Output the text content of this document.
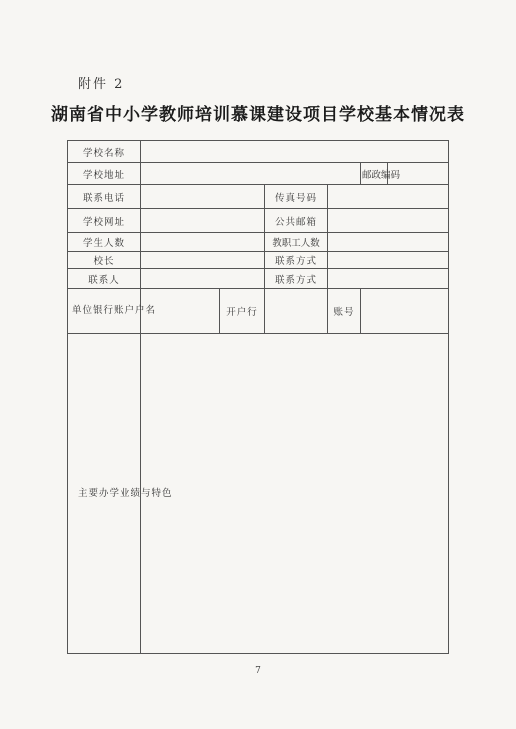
附件 2
湖南省中小学教师培训慕课建设项目学校基本情况表
学校名称						
学校地址					邮政编码	
联系电话			传真号码			
学校网址			公共邮箱			
学生人数			教职工人数			
校长			联系方式			
联系人			联系方式			
单位银行账户户名		开户行		账号		
主要办学业绩与特色						
7
